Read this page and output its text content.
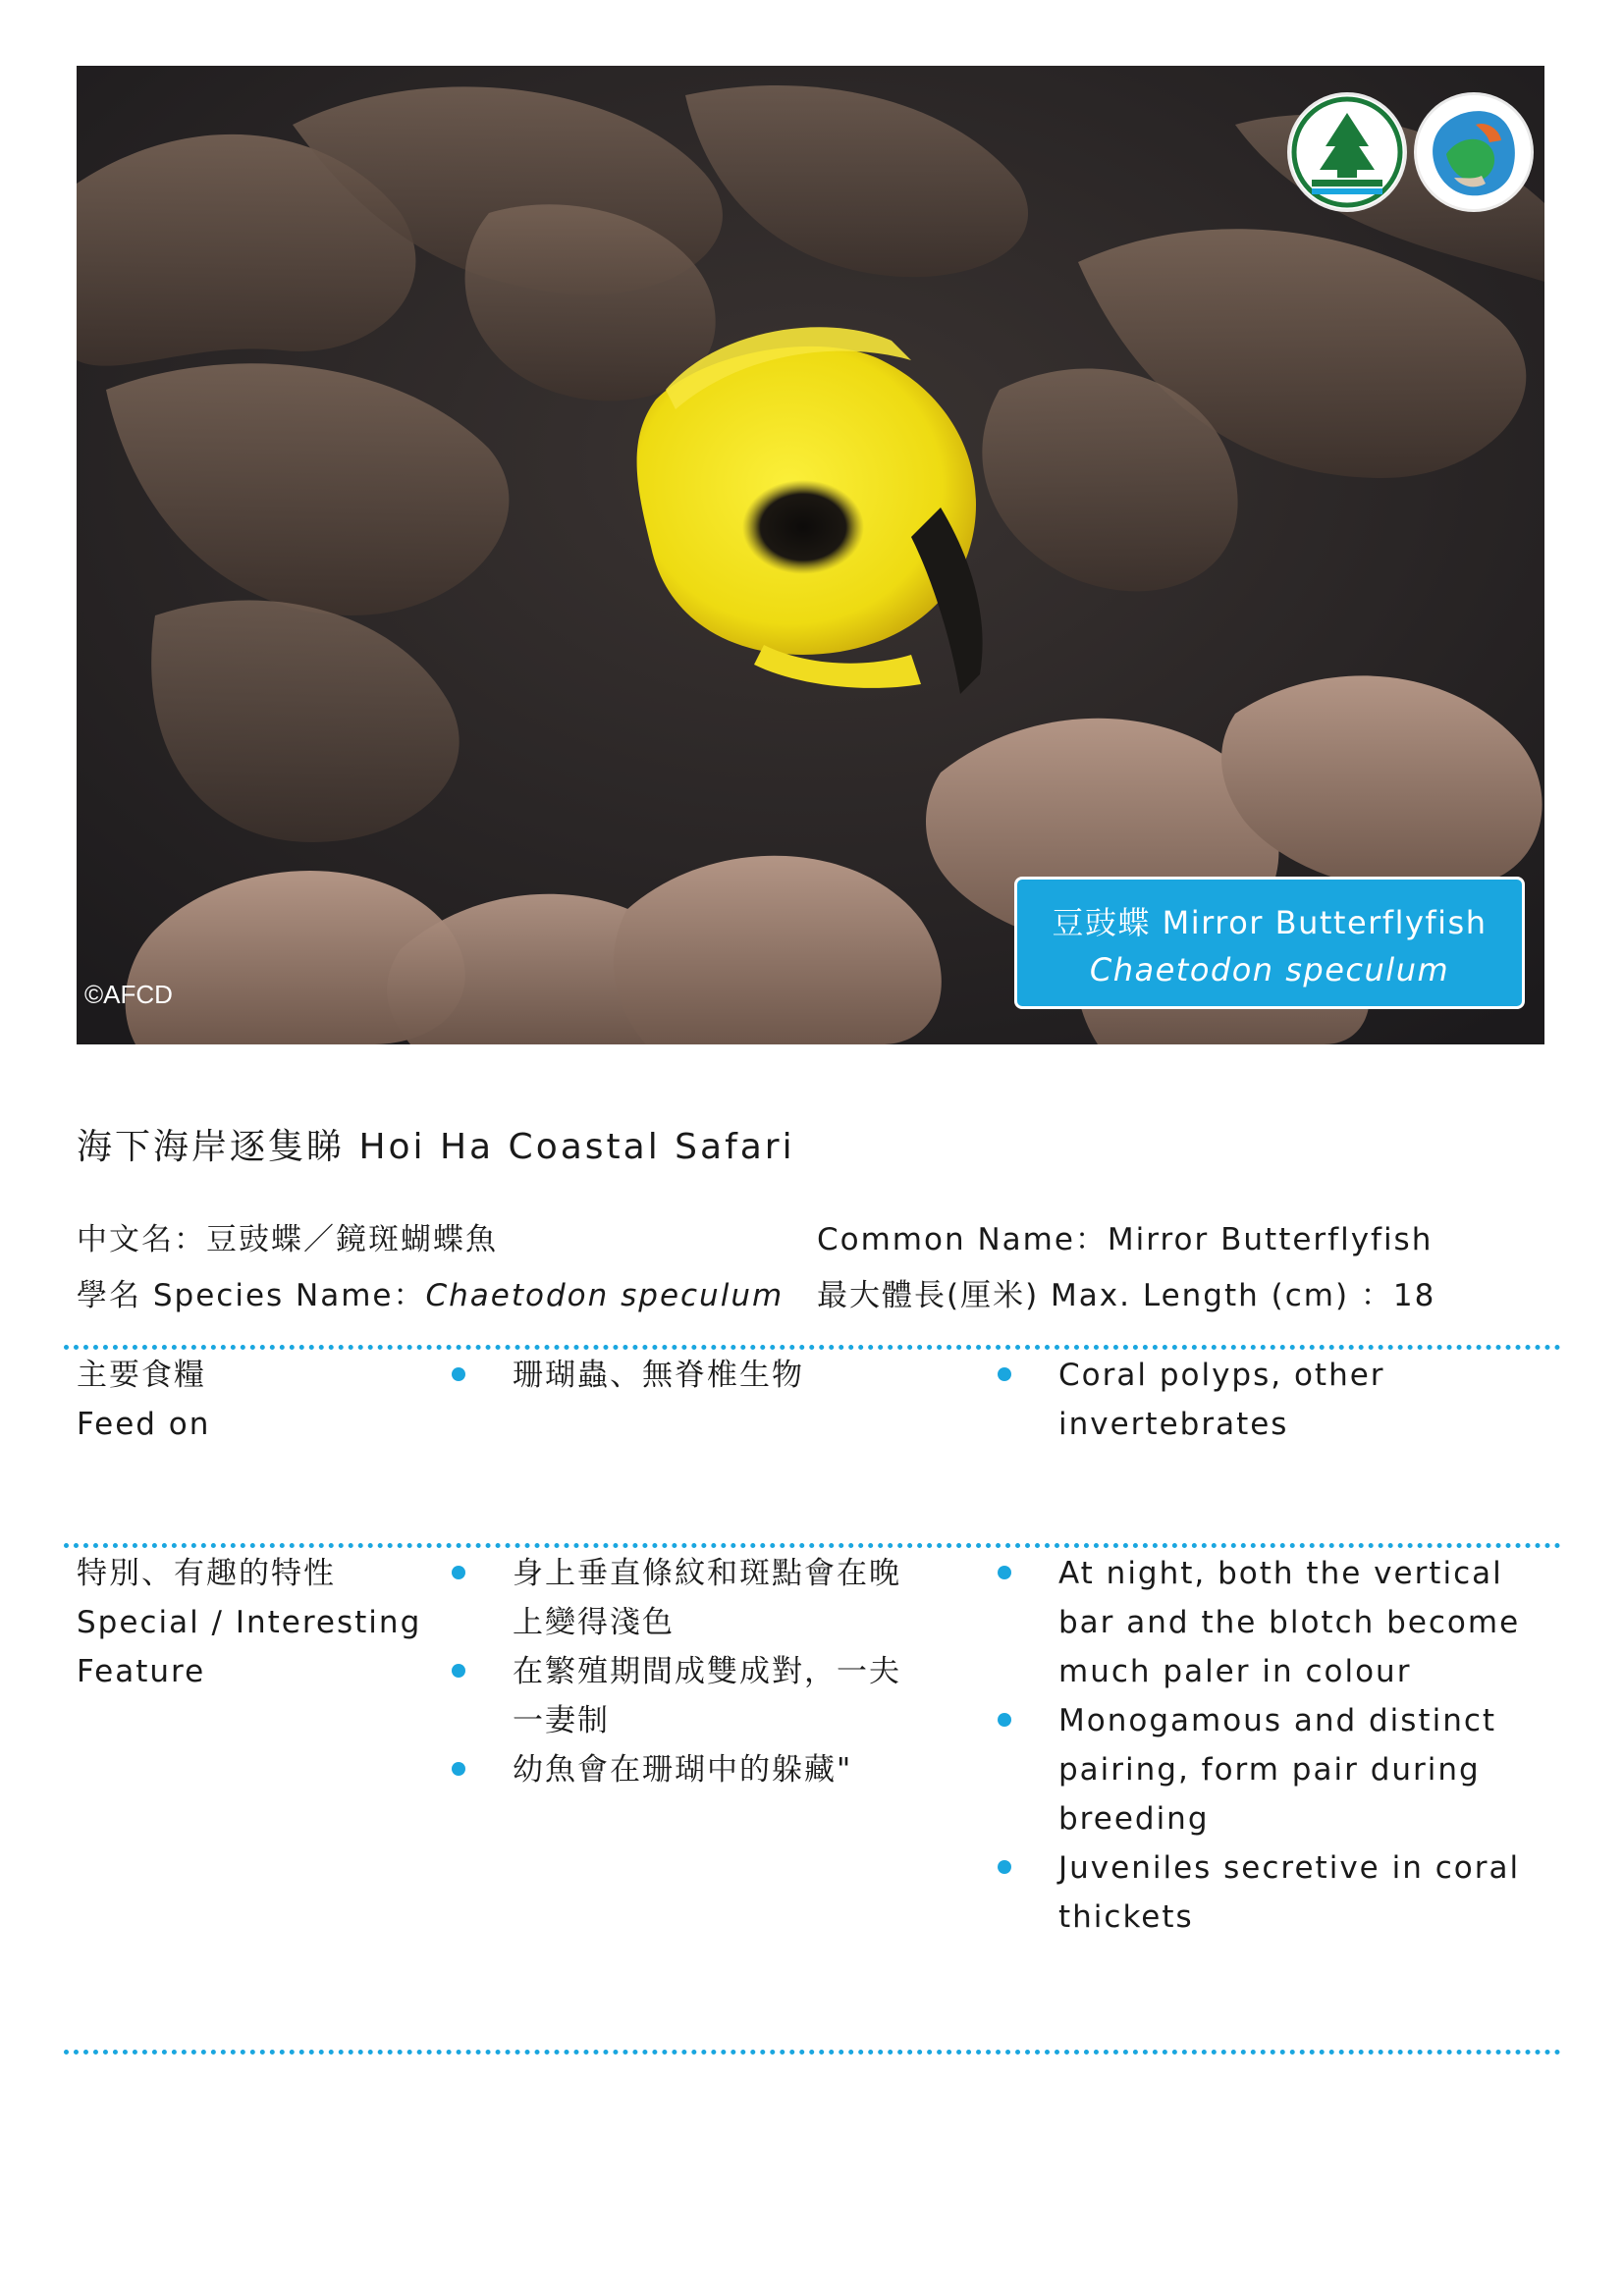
豆豉蝶 Mirror Butterflyfish
Chaetodon speculum
©AFCD
海下海岸逐隻睇 Hoi Ha Coastal Safari
中文名：豆豉蝶／鏡斑蝴蝶魚	Common Name：Mirror Butterflyfish
學名 Species Name：Chaetodon speculum 最大體長(厘米) Max. Length (cm) ：18
主要食糧
Feed on
珊瑚蟲、無脊椎生物	Coral polyps, other invertebrates
特別、有趣的特性
Special / Interesting Feature
身上垂直條紋和斑點會在晚上變得淺色
在繁殖期間成雙成對，一夫一妻制
幼魚會在珊瑚中的躲藏"
At night, both the vertical bar and the blotch become much paler in colour
Monogamous and distinct pairing, form pair during breeding
Juveniles secretive in coral thickets
